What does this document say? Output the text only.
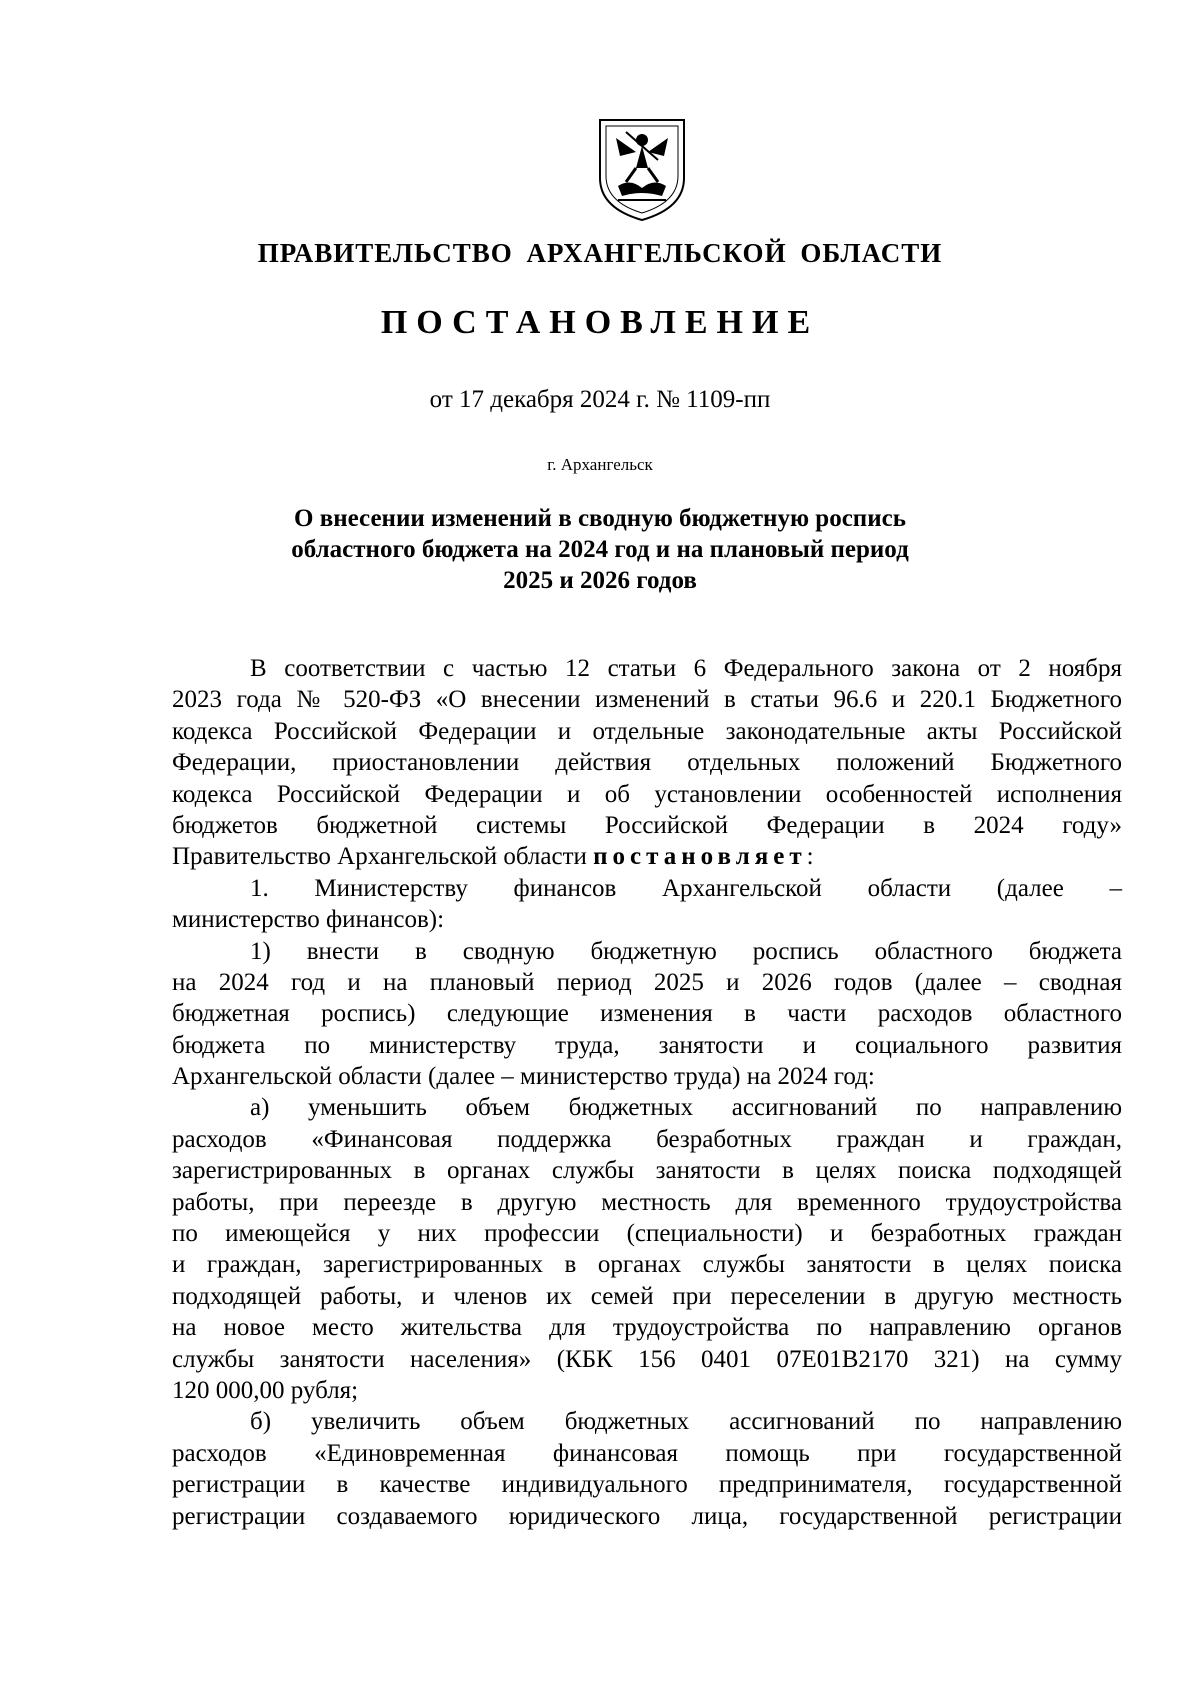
ПРАВИТЕЛЬСТВО АРХАНГЕЛЬСКОЙ ОБЛАСТИ
ПОСТАНОВЛЕНИЕ
от 17 декабря 2024 г. № 1109-пп
г. Архангельск
О внесении изменений в сводную бюджетную роспись
областного бюджета на 2024 год и на плановый период
2025 и 2026 годов
В соответствии с частью 12 статьи 6 Федерального закона от 2 ноября
2023 года № 520-ФЗ «О внесении изменений в статьи 96.6 и 220.1 Бюджетного
кодекса Российской Федерации и отдельные законодательные акты Российской
Федерации, приостановлении действия отдельных положений Бюджетного
кодекса Российской Федерации и об установлении особенностей исполнения
бюджетов бюджетной системы Российской Федерации в 2024 году»
Правительство Архангельской области постановляет:
1. Министерству финансов Архангельской области (далее –
министерство финансов):
1) внести в сводную бюджетную роспись областного бюджета
на 2024 год и на плановый период 2025 и 2026 годов (далее – сводная
бюджетная роспись) следующие изменения в части расходов областного
бюджета по министерству труда, занятости и социального развития
Архангельской области (далее – министерство труда) на 2024 год:
а) уменьшить объем бюджетных ассигнований по направлению
расходов «Финансовая поддержка безработных граждан и граждан,
зарегистрированных в органах службы занятости в целях поиска подходящей
работы, при переезде в другую местность для временного трудоустройства
по имеющейся у них профессии (специальности) и безработных граждан
и граждан, зарегистрированных в органах службы занятости в целях поиска
подходящей работы, и членов их семей при переселении в другую местность
на новое место жительства для трудоустройства по направлению органов
службы занятости населения» (КБК 156 0401 07Е01В2170 321) на сумму
120 000,00 рубля;
б) увеличить объем бюджетных ассигнований по направлению
расходов «Единовременная финансовая помощь при государственной
регистрации в качестве индивидуального предпринимателя, государственной
регистрации создаваемого юридического лица, государственной регистрации
